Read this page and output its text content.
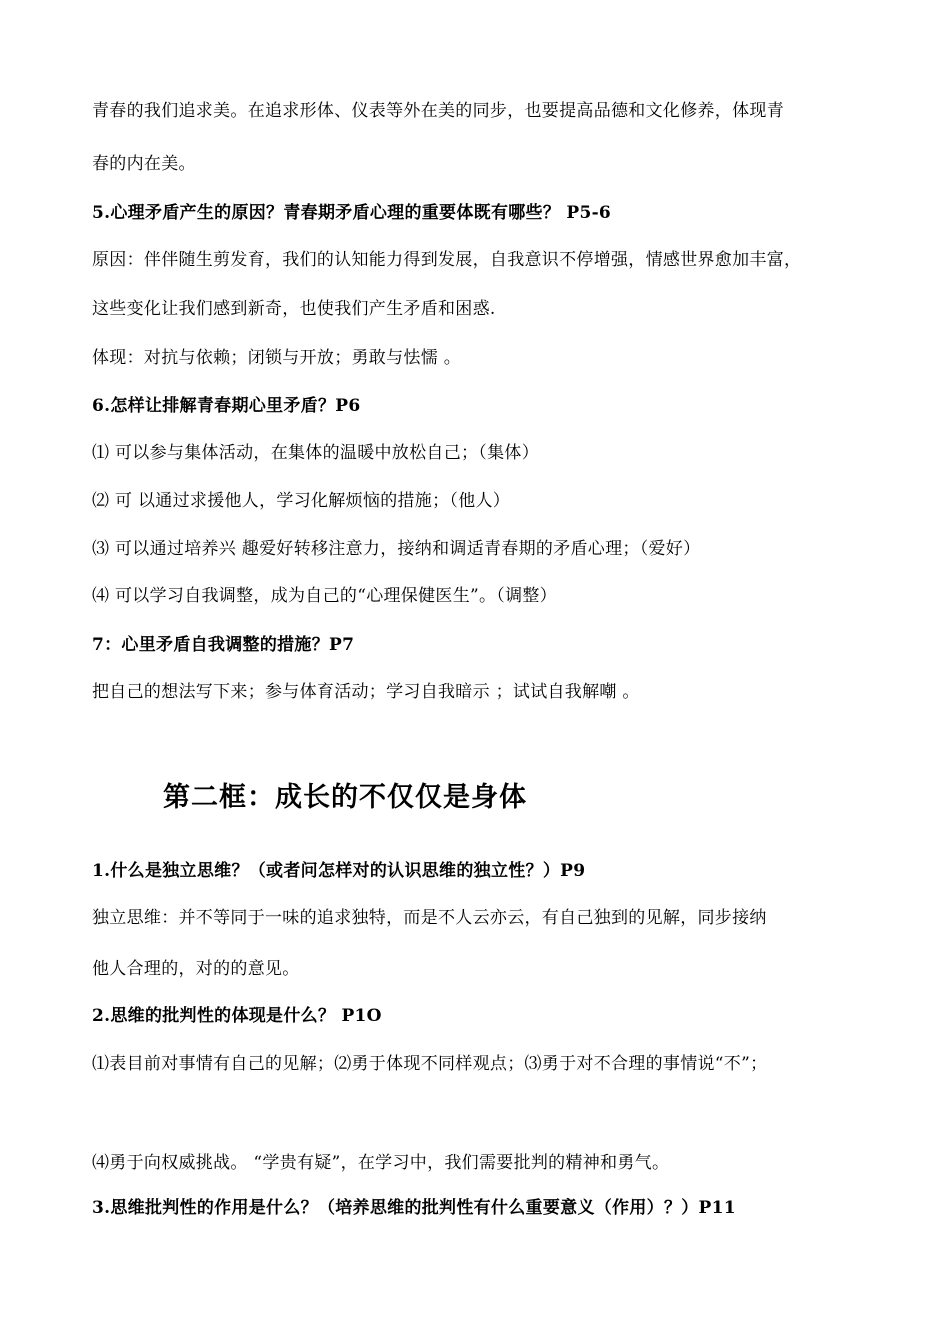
青春的我们追求美。在追求形体、仪表等外在美的同步，也要提高品德和文化修养，体现青
春的内在美。
5.心理矛盾产生的原因？青春期矛盾心理的重要体既有哪些？ P5-6
原因：伴伴随生剪发育，我们的认知能力得到发展，自我意识不停增强，情感世界愈加丰富，
这些变化让我们感到新奇，也使我们产生矛盾和困惑.
体现：对抗与依赖；闭锁与开放；勇敢与怯懦 。
6.怎样让排解青春期心里矛盾？P6
⑴ 可以参与集体活动，在集体的温暖中放松自己；（集体）
⑵ 可 以通过求援他人，学习化解烦恼的措施；（他人）
⑶ 可以通过培养兴 趣爱好转移注意力，接纳和调适青春期的矛盾心理；（爱好）
⑷ 可以学习自我调整，成为自己的“心理保健医生”。（调整）
7：心里矛盾自我调整的措施？P7
把自己的想法写下来；参与体育活动；学习自我暗示 ；试试自我解嘲 。
第二框：成长的不仅仅是身体
1.什么是独立思维？（或者问怎样对的认识思维的独立性？）P9
独立思维：并不等同于一味的追求独特，而是不人云亦云，有自己独到的见解，同步接纳
他人合理的，对的的意见。
2.思维的批判性的体现是什么？ P1O
⑴表目前对事情有自己的见解；⑵勇于体现不同样观点；⑶勇于对不合理的事情说“不”；
⑷勇于向权威挑战。 “学贵有疑”，在学习中，我们需要批判的精神和勇气。
3.思维批判性的作用是什么？（培养思维的批判性有什么重要意义（作用）？）P11
